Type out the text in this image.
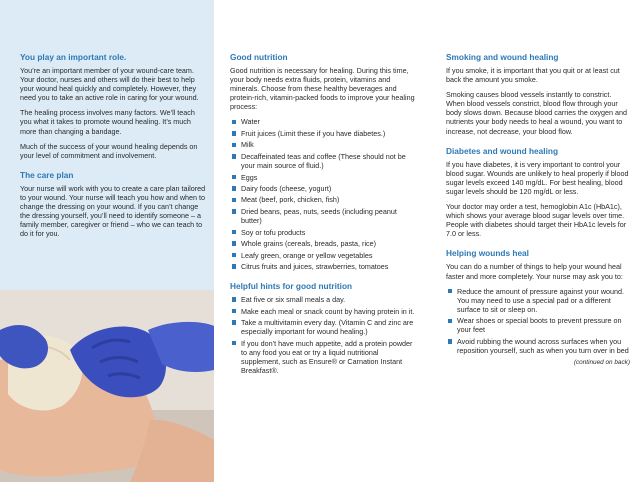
You play an important role.

You’re an important member of your wound-care team. Your doctor, nurses and others will do their best to help your wound heal quickly and completely. However, they need you to take an active role in caring for your wound.

The healing process involves many factors. We’ll teach you what it takes to promote wound healing. It’s much more than changing a bandage.

Much of the success of your wound healing depends on your level of commitment and involvement.

The care plan

Your nurse will work with you to create a care plan tailored to your wound. Your nurse will teach you how and when to change the dressing on your wound. If you can’t change the dressing yourself, you’ll need to identify someone – a family member, caregiver or friend – who we can teach to do it for you.

Good nutrition

Good nutrition is necessary for healing. During this time, your body needs extra fluids, protein, vitamins and minerals. Choose from these healthy beverages and protein-rich, vitamin-packed foods to improve your healing process:

Water
Fruit juices (Limit these if you have diabetes.)
Milk
Decaffeinated teas and coffee (These should not be your main source of fluid.)
Eggs
Dairy foods (cheese, yogurt)
Meat (beef, pork, chicken, fish)
Dried beans, peas, nuts, seeds (including peanut butter)
Soy or tofu products
Whole grains (cereals, breads, pasta, rice)
Leafy green, orange or yellow vegetables
Citrus fruits and juices, strawberries, tomatoes
Helpful hints for good nutrition
Eat five or six small meals a day.
Make each meal or snack count by having protein in it.
Take a multivitamin every day. (Vitamin C and zinc are especially important for wound healing.)
If you don’t have much appetite, add a protein powder to any food you eat or try a liquid nutritional supplement, such as Ensure® or Carnation Instant Breakfast®.
Smoking and wound healing

If you smoke, it is important that you quit or at least cut back the amount you smoke.

Smoking causes blood vessels instantly to constrict. When blood vessels constrict, blood flow through your body slows down. Because blood carries the oxygen and nutrients your body needs to heal a wound, you want to increase, not decrease, your blood flow.

Diabetes and wound healing

If you have diabetes, it is very important to control your blood sugar. Wounds are unlikely to heal properly if blood sugar levels exceed 140 mg/dL. For best healing, blood sugar levels should be 120 mg/dL or less.

Your doctor may order a test, hemoglobin A1c (HbA1c), which shows your average blood sugar levels over time. People with diabetes should target their HbA1c levels for 7.0 or less.

Helping wounds heal

You can do a number of things to help your wound heal faster and more completely. Your nurse may ask you to:

Reduce the amount of pressure against your wound. You may need to use a special pad or a different surface to sit or sleep on.
Wear shoes or special boots to prevent pressure on your feet
Avoid rubbing the wound across surfaces when you reposition yourself, such as when you turn over in bed
(continued on back)
